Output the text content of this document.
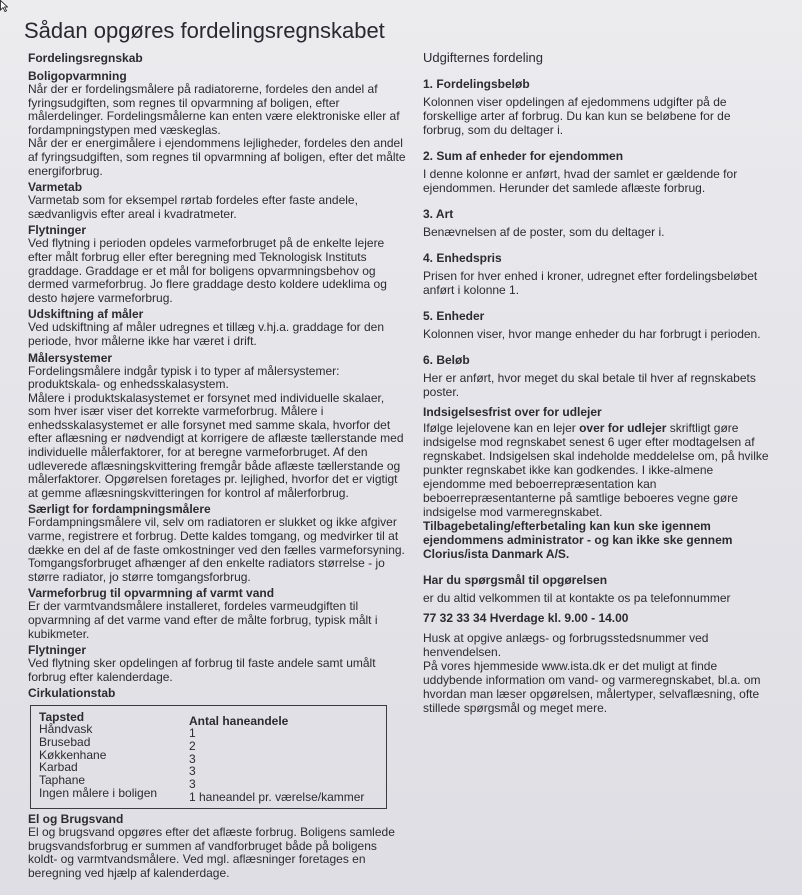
Sådan opgøres fordelingsregnskabet
Fordelingsregnskab
Boligopvarmning

Når der er fordelingsmålere på radiatorerne, fordeles den andel af fyringsudgiften, som regnes til opvarmning af boligen, efter målerdelinger. Fordelingsmålerne kan enten være elektroniske eller af fordampningstypen med væskeglas.

Når der er energimålere i ejendommens lejligheder, fordeles den andel af fyringsudgiften, som regnes til opvarmning af boligen, efter det målte energiforbrug.

Varmetab

Varmetab som for eksempel rørtab fordeles efter faste andele, sædvanligvis efter areal i kvadratmeter.

Flytninger

Ved flytning i perioden opdeles varmeforbruget på de enkelte lejere efter målt forbrug eller efter beregning med Teknologisk Instituts graddage. Graddage er et mål for boligens opvarmningsbehov og dermed varmeforbrug. Jo flere graddage desto koldere udeklima og desto højere varmeforbrug.

Udskiftning af måler

Ved udskiftning af måler udregnes et tillæg v.hj.a. graddage for den periode, hvor målerne ikke har været i drift.

Målersystemer

Fordelingsmålere indgår typisk i to typer af målersystemer: produktskala- og enhedsskalasystem.

Målere i produktskalasystemet er forsynet med individuelle skalaer, som hver især viser det korrekte varmeforbrug. Målere i enhedsskalasystemet er alle forsynet med samme skala, hvorfor det efter aflæsning er nødvendigt at korrigere de aflæste tællerstande med individuelle målerfaktorer, for at beregne varmeforbruget. Af den udleverede aflæsningskvittering fremgår både aflæste tællerstande og målerfaktorer. Opgørelsen foretages pr. lejlighed, hvorfor det er vigtigt at gemme aflæsningskvitteringen for kontrol af målerforbrug.

Særligt for fordampningsmålere

Fordampningsmålere vil, selv om radiatoren er slukket og ikke afgiver varme, registrere et forbrug. Dette kaldes tomgang, og medvirker til at dække en del af de faste omkostninger ved den fælles varmeforsyning. Tomgangsforbruget afhænger af den enkelte radiators størrelse - jo større radiator, jo større tomgangsforbrug.

Varmeforbrug til opvarmning af varmt vand

Er der varmtvandsmålere installeret, fordeles varmeudgiften til opvarmning af det varme vand efter de målte forbrug, typisk målt i kubikmeter.

Flytninger

Ved flytning sker opdelingen af forbrug til faste andele samt umålt forbrug efter kalenderdage.

Cirkulationstab
Tapsted	Antal haneandele
Håndvask
Brusebad
Køkkenhane
Karbad
Taphane
Ingen målere i boligen
1
2
3
3
3
1 haneandel pr. værelse/kammer
El og Brugsvand

El og brugsvand opgøres efter det aflæste forbrug. Boligens samlede brugsvandsforbrug er summen af vandforbruget både på boligens koldt- og varmtvandsmålere. Ved mgl. aflæsninger foretages en beregning ved hjælp af kalenderdage.

Udgifternes fordeling
1. Fordelingsbeløb

Kolonnen viser opdelingen af ejedommens udgifter på de forskellige arter af forbrug. Du kan kun se beløbene for de forbrug, som du deltager i.

2. Sum af enheder for ejendommen

I denne kolonne er anført, hvad der samlet er gældende for ejendommen. Herunder det samlede aflæste forbrug.

3. Art

Benævnelsen af de poster, som du deltager i.

4. Enhedspris

Prisen for hver enhed i kroner, udregnet efter fordelingsbeløbet anført i kolonne 1.

5. Enheder

Kolonnen viser, hvor mange enheder du har forbrugt i perioden.

6. Beløb

Her er anført, hvor meget du skal betale til hver af regnskabets poster.

Indsigelsesfrist over for udlejer

Ifølge lejelovene kan en lejer over for udlejer skriftligt gøre indsigelse mod regnskabet senest 6 uger efter modtagelsen af regnskabet. Indsigelsen skal indeholde meddelelse om, på hvilke punkter regnskabet ikke kan godkendes. I ikke-almene ejendomme med beboerrepræsentation kan beboerrepræsentanterne på samtlige beboeres vegne gøre indsigelse mod varmeregnskabet.

Tilbagebetaling/efterbetaling kan kun ske igennem ejendommens administrator - og kan ikke ske gennem Clorius/ista Danmark A/S.

Har du spørgsmål til opgørelsen

er du altid velkommen til at kontakte os pa telefonnummer

77 32 33 34 Hverdage kl. 9.00 - 14.00

Husk at opgive anlægs- og forbrugsstedsnummer ved henvendelsen.

På vores hjemmeside www.ista.dk er det muligt at finde uddybende information om vand- og varmeregnskabet, bl.a. om hvordan man læser opgørelsen, målertyper, selvaflæsning, ofte stillede spørgsmål og meget mere.
